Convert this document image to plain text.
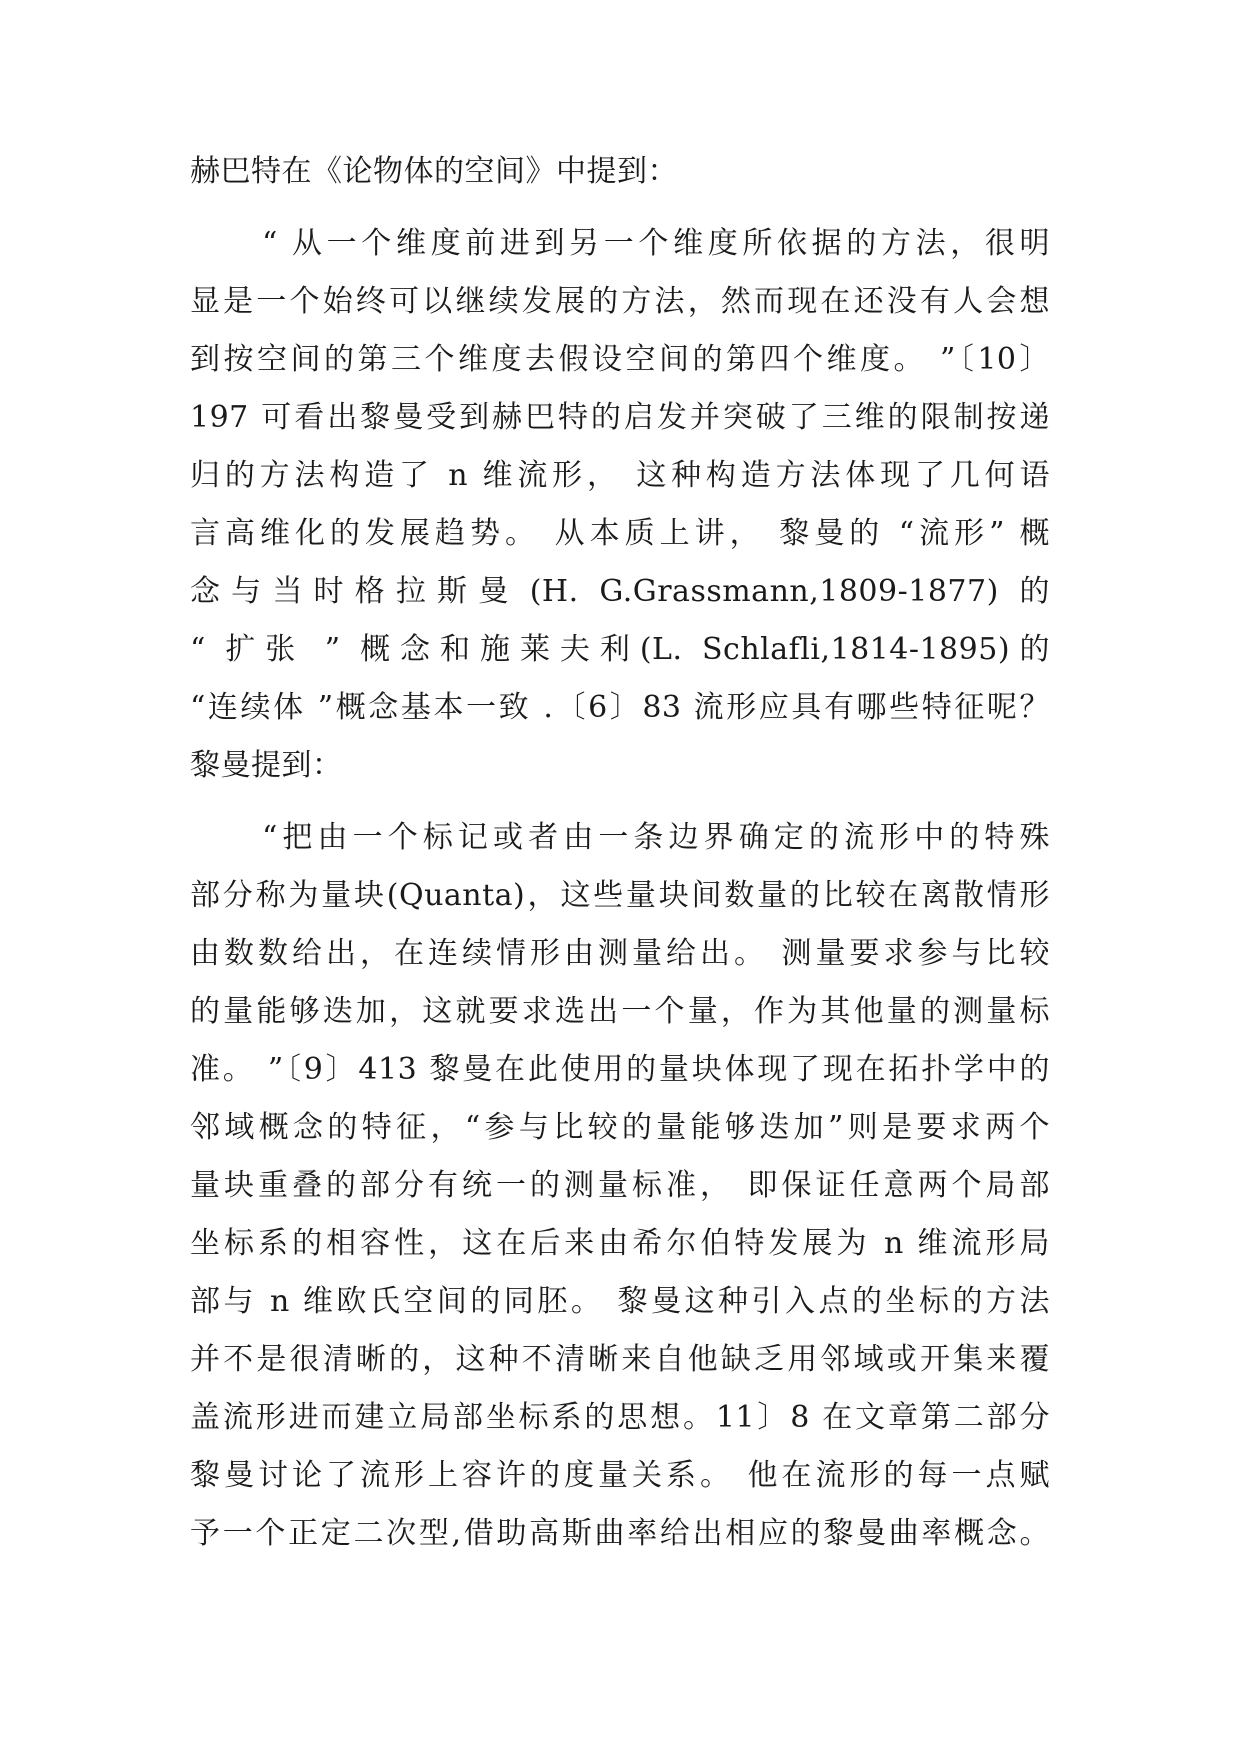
赫巴特在《论物体的空间》中提到：
“ 从一个维度前进到另一个维度所依据的方法，很明
显是一个始终可以继续发展的方法，然而现在还没有人会想
到按空间的第三个维度去假设空间的第四个维度。 ”〔10〕
197 可看出黎曼受到赫巴特的启发并突破了三维的限制按递
归的方法构造了 n 维流形， 这种构造方法体现了几何语
言高维化的发展趋势。 从本质上讲， 黎曼的 “流形” 概
念 与 当 时 格 拉 斯 曼  (H.  G.Grassmann,1809-1877)  的
“ 扩张 ” 概念和施莱夫利(L. Schlafli,1814-1895)的
“连续体 ”概念基本一致 .〔6〕83 流形应具有哪些特征呢？
黎曼提到：
“把由一个标记或者由一条边界确定的流形中的特殊
部分称为量块(Quanta)，这些量块间数量的比较在离散情形
由数数给出，在连续情形由测量给出。 测量要求参与比较
的量能够迭加，这就要求选出一个量，作为其他量的测量标
准。 ”〔9〕413 黎曼在此使用的量块体现了现在拓扑学中的
邻域概念的特征，“参与比较的量能够迭加”则是要求两个
量块重叠的部分有统一的测量标准， 即保证任意两个局部
坐标系的相容性，这在后来由希尔伯特发展为 n 维流形局
部与 n 维欧氏空间的同胚。 黎曼这种引入点的坐标的方法
并不是很清晰的，这种不清晰来自他缺乏用邻域或开集来覆
盖流形进而建立局部坐标系的思想。11〕8 在文章第二部分
黎曼讨论了流形上容许的度量关系。 他在流形的每一点赋
予一个正定二次型,借助高斯曲率给出相应的黎曼曲率概念。
